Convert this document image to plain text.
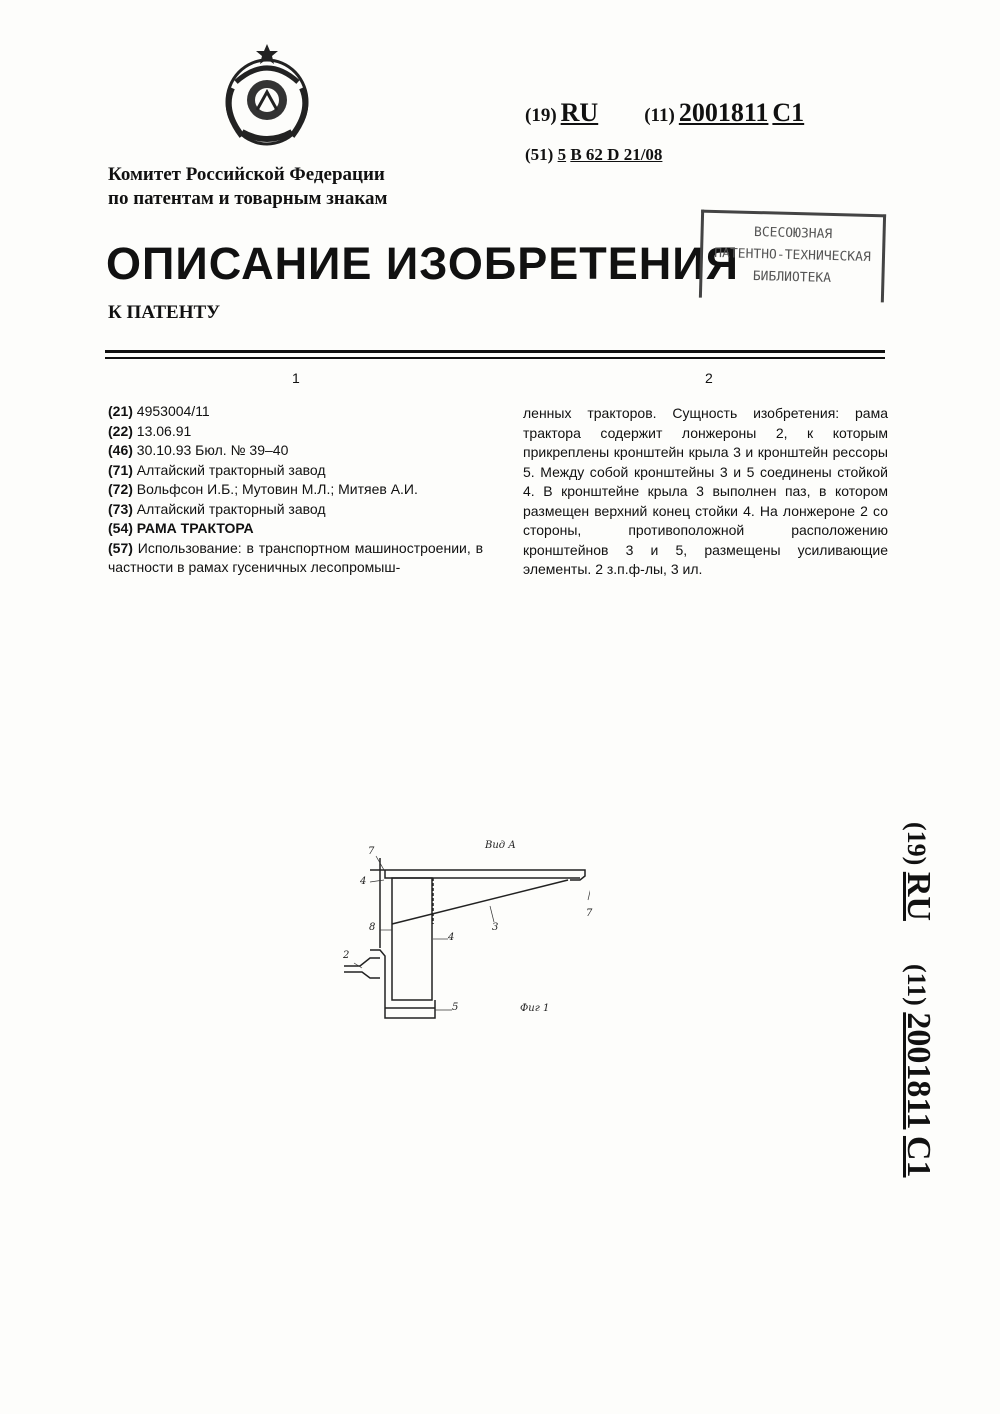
Комитет Российской Федерации
по патентам и товарным знакам
(19) RU (11) 2001811 C1
(51) 5 B 62 D 21/08
ОПИСАНИЕ ИЗОБРЕТЕНИЯ
К ПАТЕНТУ
ВСЕСОЮЗНАЯ
ПАТЕНТНО-ТЕХНИЧЕСКАЯ
БИБЛИОТЕКА
1	2
(21) 4953004/11
(22) 13.06.91
(46) 30.10.93 Бюл. № 39–40
(71) Алтайский тракторный завод
(72) Вольфсон И.Б.; Мутовин М.Л.; Митяев А.И.
(73) Алтайский тракторный завод
(54) РАМА ТРАКТОРА
(57) Использование: в транспортном машиностроении, в частности в рамах гусеничных лесопромыш-
ленных тракторов. Сущность изобретения: рама трактора содержит лонжероны 2, к которым прикреплены кронштейн крыла 3 и кронштейн рессоры 5. Между собой кронштейны 3 и 5 соединены стойкой 4. В кронштейне крыла 3 выполнен паз, в котором размещен верхний конец стойки 4. На лонжероне 2 со стороны, противоположной расположению кронштейнов 3 и 5, размещены усиливающие элементы. 2 з.п.ф-лы, 3 ил.
(19) RU  (11) 2001811 C1
Вид А
Фиг 1
7
4
8
2
4
3
7
5
